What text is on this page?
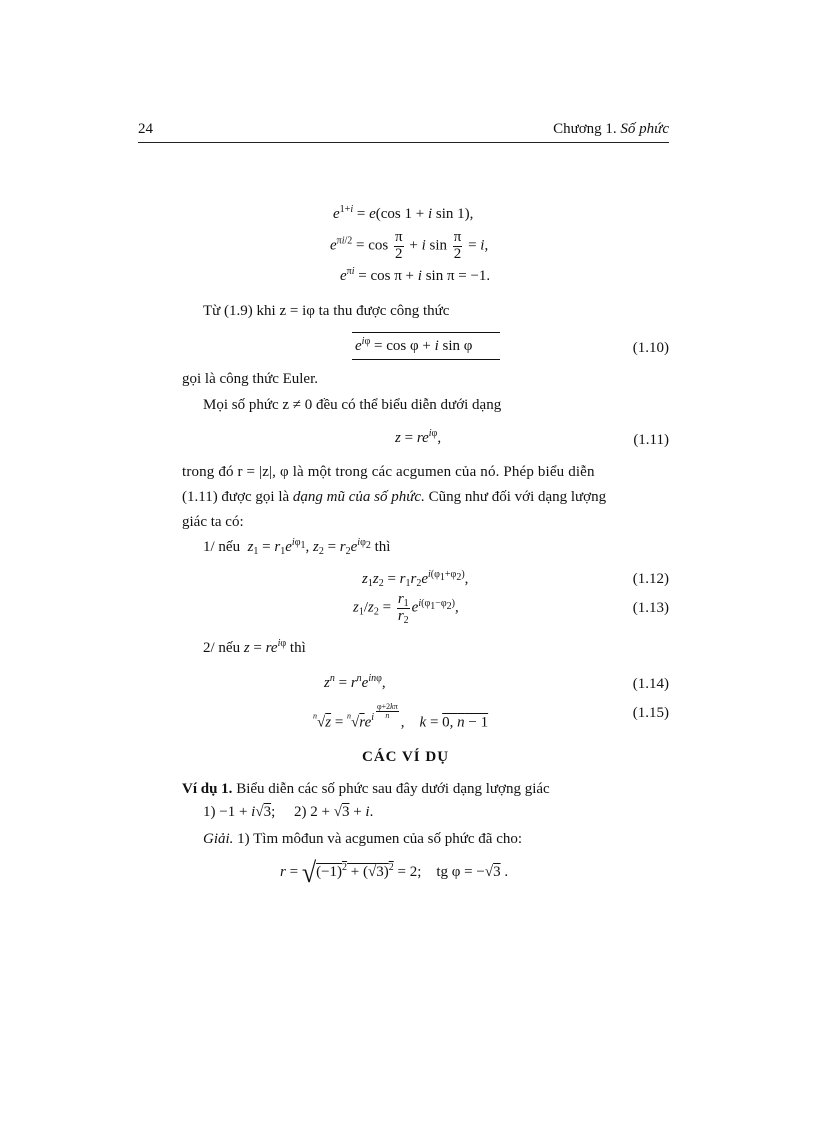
24	Chương 1. Số phức
$e^{1+i} = e(\cos$ 1 + i sin 1),
$e^{\pi i/2} = \cos \frac{\pi}{2} + i$ $\sin \frac{\pi}{2} = i$,
$e^{\pi i} = \cos \pi + i$ sin π = −1.
Từ (1.9) khi z = iφ ta thu được công thức
$e^{i\varphi} = \cos \varphi + i$ sin φ	(1.10)
gọi là công thức Euler.
Mọi số phức z ≠ 0 đều có thể biểu diễn dưới dạng
$z = re^{i\varphi}$,	(1.11)
trong đó r = |z|, φ là một trong các acgumen của nó. Phép biểu diễn
(1.11) được gọi là dạng mũ của số phức. Cũng như đối với dạng lượng
giác ta có:
1/ nếu  $z_1 = r_1e^{i\varphi_1}$, $z_2 = r_2e^{i\varphi_2}$ thì
$z_1z_2 = r_1r_2e^{i(\varphi_1+\varphi_2)}$,	(1.12)
$z_1/z_2 = \frac{r_1}{r_2} e^{i(\varphi_1-\varphi_2)}$,	(1.13)
2/ nếu $z = re^{i\varphi}$ thì
$z^n = r^ne^{in\varphi}$,	(1.14)
$^n√z = ^n√re^{i \frac{\varphi+2k\pi}{n}}$
,    k = 0, n − 1
(1.15)
CÁC VÍ DỤ
Ví dụ 1. Biểu diễn các số phức sau đây dưới dạng lượng giác
1) −1 + i√3;     2) 2 + √3 + i.
Giải. 1) Tìm môđun và acgumen của số phức đã cho:
$r = √(-1)^2 + (√3)^2 = 2$;    tg φ = −√3 .
